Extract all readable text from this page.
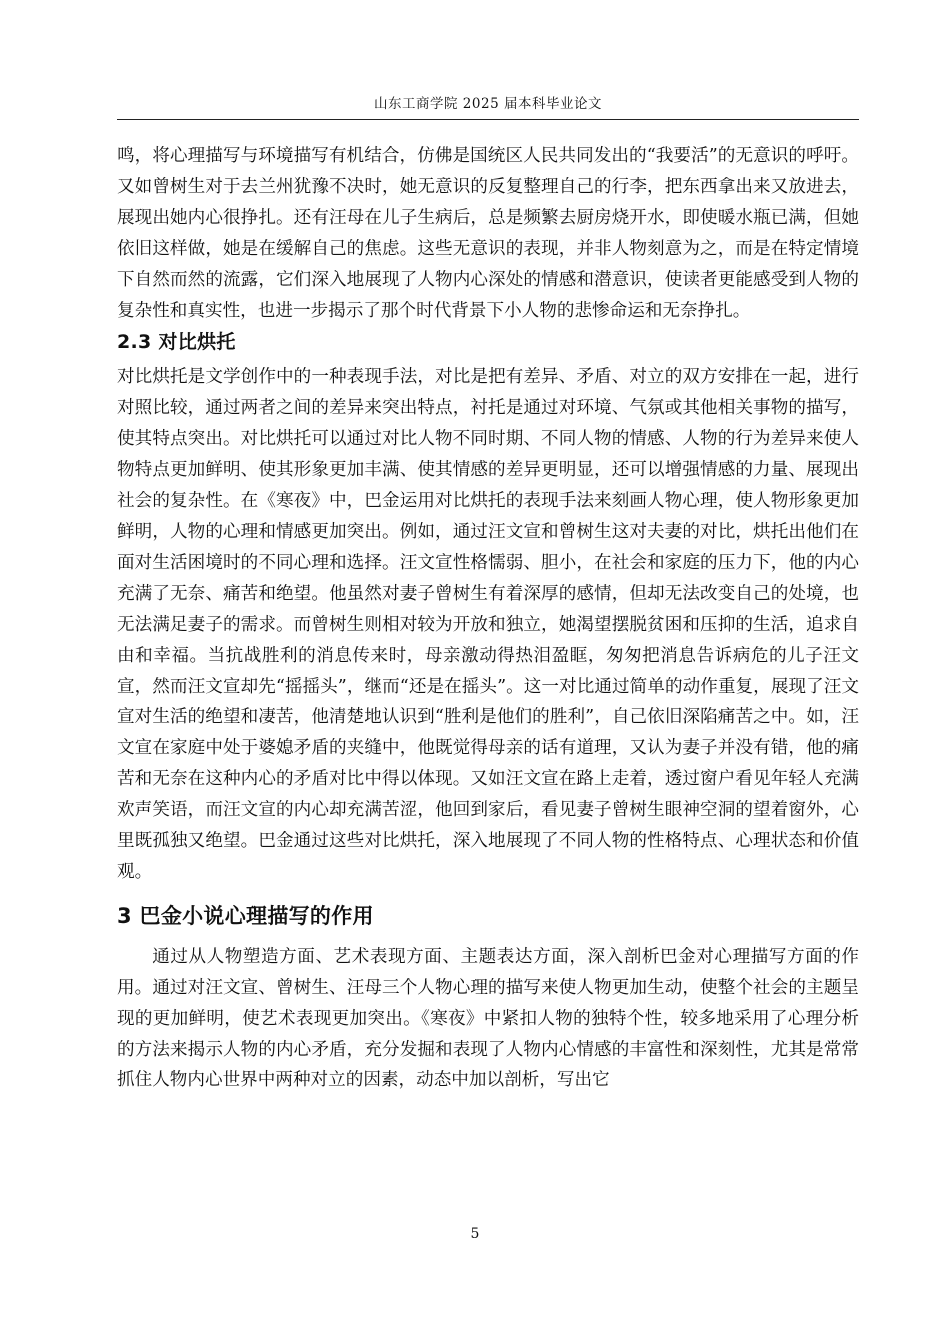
山东工商学院 2025 届本科毕业论文

鸣，将心理描写与环境描写有机结合，仿佛是国统区人民共同发出的“我要活”的无意识的呼吁。又如曾树生对于去兰州犹豫不决时，她无意识的反复整理自己的行李，把东西拿出来又放进去，展现出她内心很挣扎。还有汪母在儿子生病后，总是频繁去厨房烧开水，即使暖水瓶已满，但她依旧这样做，她是在缓解自己的焦虑。这些无意识的表现，并非人物刻意为之，而是在特定情境下自然而然的流露，它们深入地展现了人物内心深处的情感和潜意识，使读者更能感受到人物的复杂性和真实性，也进一步揭示了那个时代背景下小人物的悲惨命运和无奈挣扎。

2.3 对比烘托

对比烘托是文学创作中的一种表现手法，对比是把有差异、矛盾、对立的双方安排在一起，进行对照比较，通过两者之间的差异来突出特点，衬托是通过对环境、气氛或其他相关事物的描写，使其特点突出。对比烘托可以通过对比人物不同时期、不同人物的情感、人物的行为差异来使人物特点更加鲜明、使其形象更加丰满、使其情感的差异更明显，还可以增强情感的力量、展现出社会的复杂性。在《寒夜》中，巴金运用对比烘托的表现手法来刻画人物心理，使人物形象更加鲜明，人物的心理和情感更加突出。例如，通过汪文宣和曾树生这对夫妻的对比，烘托出他们在面对生活困境时的不同心理和选择。汪文宣性格懦弱、胆小，在社会和家庭的压力下，他的内心充满了无奈、痛苦和绝望。他虽然对妻子曾树生有着深厚的感情，但却无法改变自己的处境，也无法满足妻子的需求。而曾树生则相对较为开放和独立，她渴望摆脱贫困和压抑的生活，追求自由和幸福。当抗战胜利的消息传来时，母亲激动得热泪盈眶，匆匆把消息告诉病危的儿子汪文宣，然而汪文宣却先“摇摇头”，继而“还是在摇头”。这一对比通过简单的动作重复，展现了汪文宣对生活的绝望和凄苦，他清楚地认识到“胜利是他们的胜利”，自己依旧深陷痛苦之中。如，汪文宣在家庭中处于婆媳矛盾的夹缝中，他既觉得母亲的话有道理，又认为妻子并没有错，他的痛苦和无奈在这种内心的矛盾对比中得以体现。又如汪文宣在路上走着，透过窗户看见年轻人充满欢声笑语，而汪文宣的内心却充满苦涩，他回到家后，看见妻子曾树生眼神空洞的望着窗外，心里既孤独又绝望。巴金通过这些对比烘托，深入地展现了不同人物的性格特点、心理状态和价值观。

3 巴金小说心理描写的作用

通过从人物塑造方面、艺术表现方面、主题表达方面，深入剖析巴金对心理描写方面的作用。通过对汪文宣、曾树生、汪母三个人物心理的描写来使人物更加生动，使整个社会的主题呈现的更加鲜明，使艺术表现更加突出。《寒夜》中紧扣人物的独特个性，较多地采用了心理分析的方法来揭示人物的内心矛盾，充分发掘和表现了人物内心情感的丰富性和深刻性，尤其是常常抓住人物内心世界中两种对立的因素，动态中加以剖析，写出它

5
